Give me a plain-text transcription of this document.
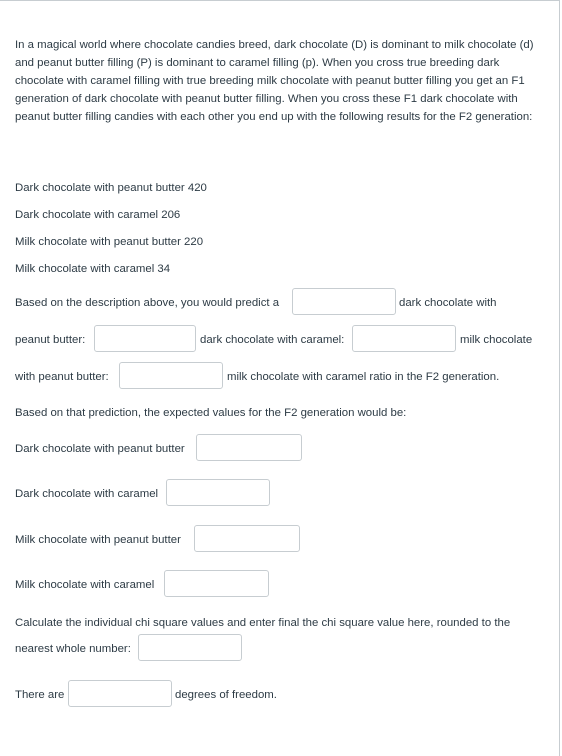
In a magical world where chocolate candies breed, dark chocolate (D) is dominant to milk chocolate (d) and peanut butter filling (P) is dominant to caramel filling (p). When you cross true breeding dark chocolate with caramel filling with true breeding milk chocolate with peanut butter filling you get an F1 generation of dark chocolate with peanut butter filling. When you cross these F1 dark chocolate with peanut butter filling candies with each other you end up with the following results for the F2 generation:
Dark chocolate with peanut butter 420
Dark chocolate with caramel 206
Milk chocolate with peanut butter 220
Milk chocolate with caramel 34
Based on the description above, you would predict a	dark chocolate with
peanut butter:	dark chocolate with caramel:	milk chocolate
with peanut butter:	milk chocolate with caramel ratio in the F2 generation.
Based on that prediction, the expected values for the F2 generation would be:
Dark chocolate with peanut butter
Dark chocolate with caramel
Milk chocolate with peanut butter
Milk chocolate with caramel
Calculate the individual chi square values and enter final the chi square value here, rounded to the
nearest whole number:
There are	degrees of freedom.
